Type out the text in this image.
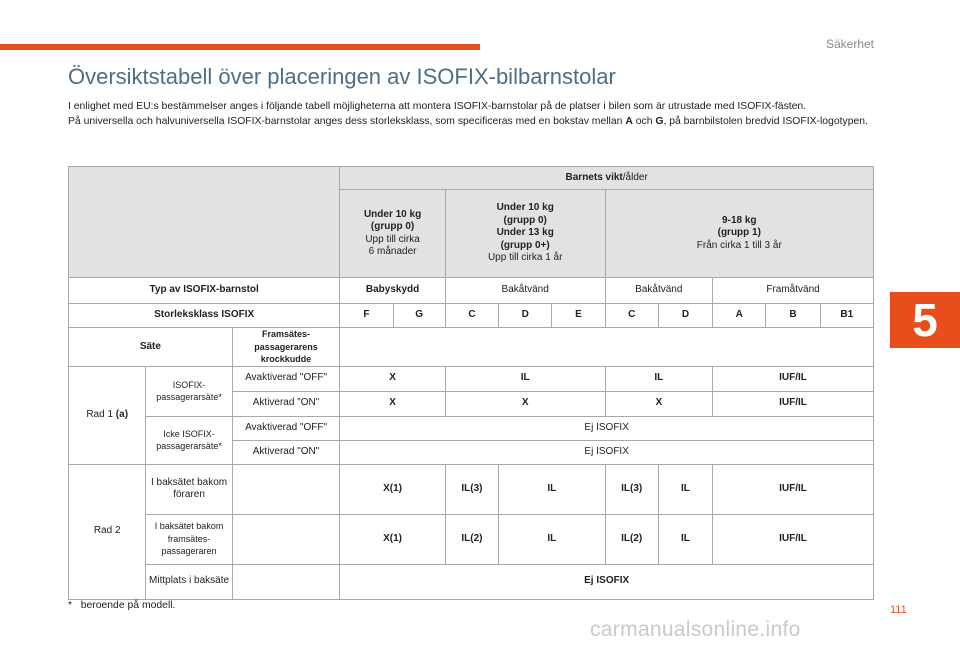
Säkerhet
5
Översiktstabell över placeringen av ISOFIX-bilbarnstolar

I enlighet med EU:s bestämmelser anges i följande tabell möjligheterna att montera ISOFIX-barnstolar på de platser i bilen som är utrustade med ISOFIX-fästen.

På universella och halvuniversella ISOFIX-barnstolar anges dess storleksklass, som specificeras med en bokstav mellan A och G, på barnbilstolen bredvid ISOFIX-logotypen.

			Barnets vikt/ålder									
			Under 10 kg
(grupp 0)
Upp till cirka
6 månader		Under 10 kg
(grupp 0)
Under 13 kg
(grupp 0+)
Upp till cirka 1 år			9-18 kg
(grupp 1)
Från cirka 1 till 3 år				
Typ av ISOFIX-barnstol			Babyskydd		Bakåtvänd			Bakåtvänd		Framåtvänd		
Storleksklass ISOFIX			F	G	C	D	E	C	D	A	B	B1
Säte		Framsätes-passagerarens krockkudde										
Rad 1 (a)	ISOFIX-passagerarsäte*	Avaktiverad "OFF"	X		IL			IL		IUF/IL		
		Aktiverad "ON"	X		X			X		IUF/IL		
	Icke ISOFIX-passagerarsäte*	Avaktiverad "OFF"	Ej ISOFIX									
		Aktiverad "ON"	Ej ISOFIX									
Rad 2	I baksätet bakom föraren		X(1)		IL(3)	IL		IL(3)	IL	IUF/IL		
	I baksätet bakom framsätes-passageraren		X(1)		IL(2)	IL		IL(2)	IL	IUF/IL		
	Mittplats i baksäte		Ej ISOFIX									
*   beroende på modell.	111
carmanualsonline.info
